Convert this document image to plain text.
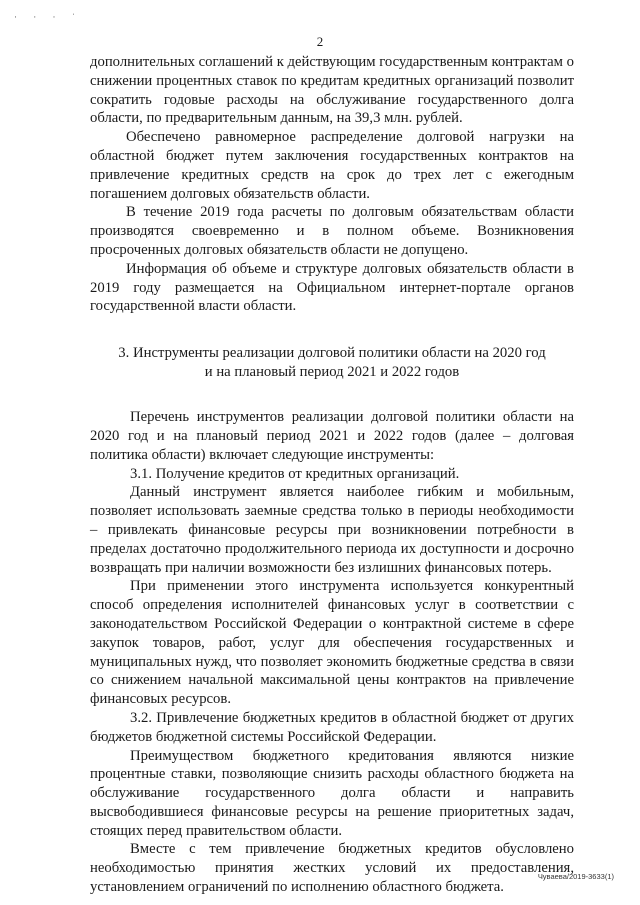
· · · ˈ
2

дополнительных соглашений к действующим государственным контрактам о снижении процентных ставок по кредитам кредитных организаций позволит сократить годовые расходы на обслуживание государственного долга области, по предварительным данным, на 39,3 млн. рублей.

Обеспечено равномерное распределение долговой нагрузки на областной бюджет путем заключения государственных контрактов на привлечение кредитных средств на срок до трех лет с ежегодным погашением долговых обязательств области.

В течение 2019 года расчеты по долговым обязательствам области производятся своевременно и в полном объеме. Возникновения просроченных долговых обязательств области не допущено.

Информация об объеме и структуре долговых обязательств области в 2019 году размещается на Официальном интернет-портале органов государственной власти области.

3. Инструменты реализации долговой политики области на 2020 год
и на плановый период 2021 и 2022 годов

Перечень инструментов реализации долговой политики области на 2020 год и на плановый период 2021 и 2022 годов (далее – долговая политика области) включает следующие инструменты:

3.1. Получение кредитов от кредитных организаций.

Данный инструмент является наиболее гибким и мобильным, позволяет использовать заемные средства только в периоды необходимости – привлекать финансовые ресурсы при возникновении потребности в пределах достаточно продолжительного периода их доступности и досрочно возвращать при наличии возможности без излишних финансовых потерь.

При применении этого инструмента используется конкурентный способ определения исполнителей финансовых услуг в соответствии с законодательством Российской Федерации о контрактной системе в сфере закупок товаров, работ, услуг для обеспечения государственных и муниципальных нужд, что позволяет экономить бюджетные средства в связи со снижением начальной максимальной цены контрактов на привлечение финансовых ресурсов.

3.2. Привлечение бюджетных кредитов в областной бюджет от других бюджетов бюджетной системы Российской Федерации.

Преимуществом бюджетного кредитования являются низкие процентные ставки, позволяющие снизить расходы областного бюджета на обслуживание государственного долга области и направить высвободившиеся финансовые ресурсы на решение приоритетных задач, стоящих перед правительством области.

Вместе с тем привлечение бюджетных кредитов обусловлено необходимостью принятия жестких условий их предоставления, установлением ограничений по исполнению областного бюджета.

Чуваева/2019-3633(1)
